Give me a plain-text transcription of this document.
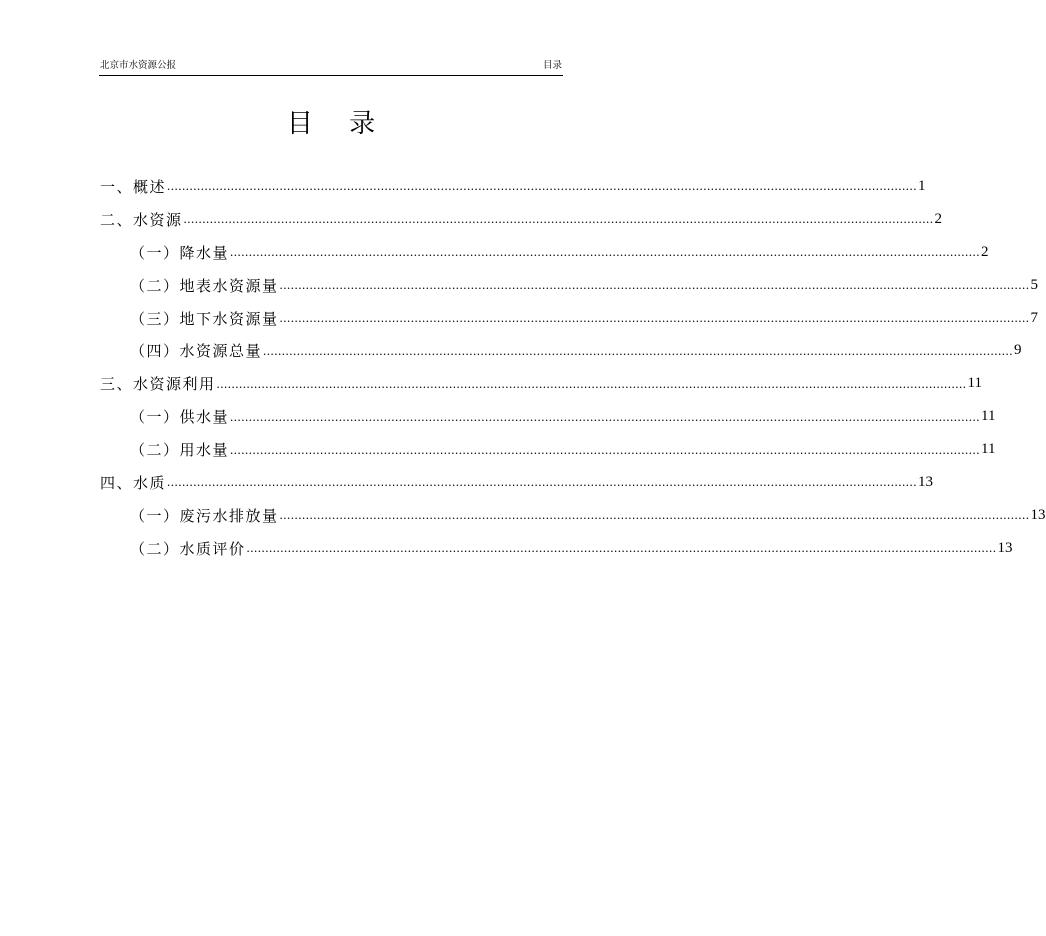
北京市水资源公报	目录
目 录
一、概述 ........................................................................................................................................................................................................ 1
二、水资源 ........................................................................................................................................................................................................ 2
（一）降水量 ........................................................................................................................................................................................................ 2
（二）地表水资源量 ........................................................................................................................................................................................................ 5
（三）地下水资源量 ........................................................................................................................................................................................................ 7
（四）水资源总量 ........................................................................................................................................................................................................ 9
三、水资源利用 ........................................................................................................................................................................................................ 11
（一）供水量 ........................................................................................................................................................................................................ 11
（二）用水量 ........................................................................................................................................................................................................ 11
四、水质 ........................................................................................................................................................................................................ 13
（一）废污水排放量 ........................................................................................................................................................................................................ 13
（二）水质评价 ........................................................................................................................................................................................................ 13
